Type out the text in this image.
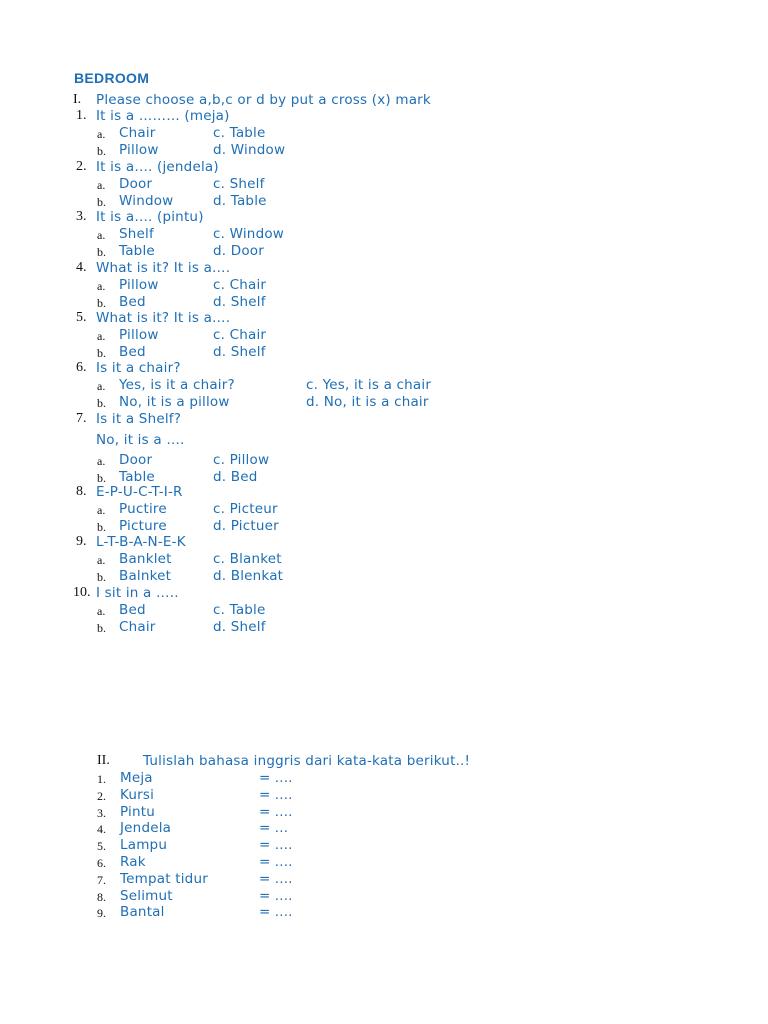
BEDROOM
I. Please choose a,b,c or d by put a cross (x) mark
1. It is a ……… (meja)
a. Chair	c. Table
b. Pillow	d. Window
2. It is a…. (jendela)
a. Door	c. Shelf
b. Window	d. Table
3. It is a…. (pintu)
a. Shelf	c. Window
b. Table	d. Door
4. What is it? It is a….
a. Pillow	c. Chair
b. Bed	d. Shelf
5. What is it? It is a….
a. Pillow	c. Chair
b. Bed	d. Shelf
6. Is it a chair?
a. Yes, is it a chair?	c. Yes, it is a chair
b. No, it is a pillow	d. No, it is a chair
7. Is it a Shelf?
No, it is a ….
a. Door	c. Pillow
b. Table	d. Bed
8. E-P-U-C-T-I-R
a. Puctire	c. Picteur
b. Picture	d. Pictuer
9. L-T-B-A-N-E-K
a. Banklet	c. Blanket
b. Balnket	d. Blenkat
10. I sit in a …..
a. Bed	c. Table
b. Chair	d. Shelf
II. Tulislah bahasa inggris dari kata-kata berikut..!
1. Meja	= ….
2. Kursi	= ….
3. Pintu	= ….
4. Jendela	= …
5. Lampu	= ….
6. Rak	= ….
7. Tempat tidur	= ….
8. Selimut	= ….
9. Bantal	= ….
